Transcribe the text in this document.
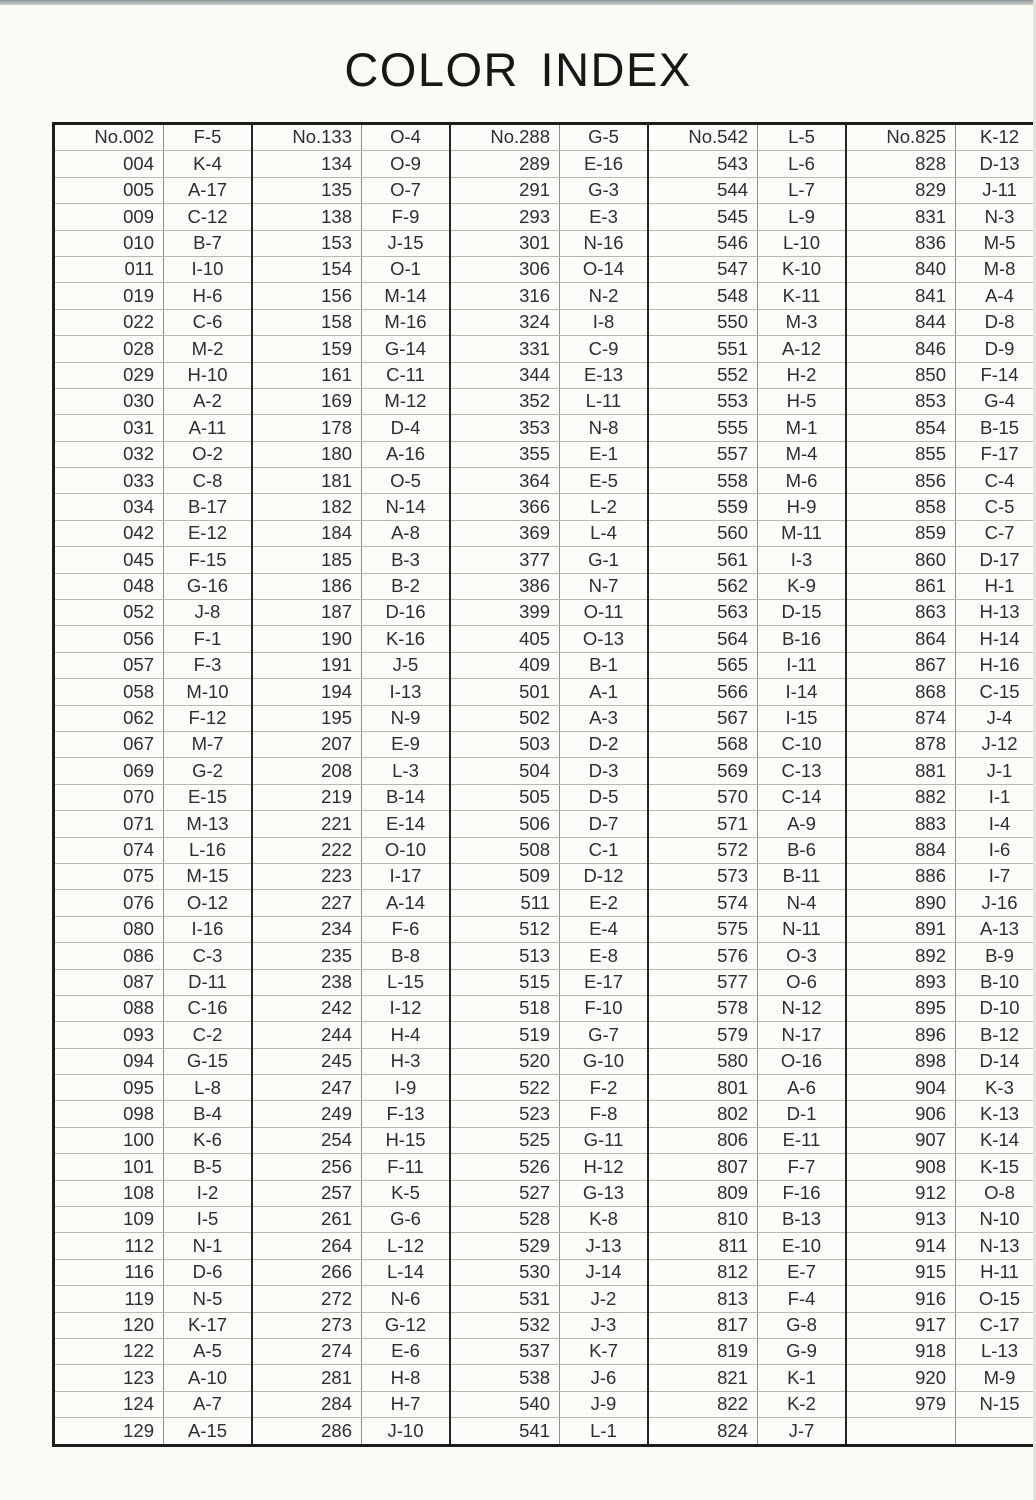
COLOR INDEX
No.002	F-5	No.133	O-4	No.288	G-5	No.542	L-5	No.825	K-12
004	K-4	134	O-9	289	E-16	543	L-6	828	D-13
005	A-17	135	O-7	291	G-3	544	L-7	829	J-11
009	C-12	138	F-9	293	E-3	545	L-9	831	N-3
010	B-7	153	J-15	301	N-16	546	L-10	836	M-5
011	I-10	154	O-1	306	O-14	547	K-10	840	M-8
019	H-6	156	M-14	316	N-2	548	K-11	841	A-4
022	C-6	158	M-16	324	I-8	550	M-3	844	D-8
028	M-2	159	G-14	331	C-9	551	A-12	846	D-9
029	H-10	161	C-11	344	E-13	552	H-2	850	F-14
030	A-2	169	M-12	352	L-11	553	H-5	853	G-4
031	A-11	178	D-4	353	N-8	555	M-1	854	B-15
032	O-2	180	A-16	355	E-1	557	M-4	855	F-17
033	C-8	181	O-5	364	E-5	558	M-6	856	C-4
034	B-17	182	N-14	366	L-2	559	H-9	858	C-5
042	E-12	184	A-8	369	L-4	560	M-11	859	C-7
045	F-15	185	B-3	377	G-1	561	I-3	860	D-17
048	G-16	186	B-2	386	N-7	562	K-9	861	H-1
052	J-8	187	D-16	399	O-11	563	D-15	863	H-13
056	F-1	190	K-16	405	O-13	564	B-16	864	H-14
057	F-3	191	J-5	409	B-1	565	I-11	867	H-16
058	M-10	194	I-13	501	A-1	566	I-14	868	C-15
062	F-12	195	N-9	502	A-3	567	I-15	874	J-4
067	M-7	207	E-9	503	D-2	568	C-10	878	J-12
069	G-2	208	L-3	504	D-3	569	C-13	881	J-1
070	E-15	219	B-14	505	D-5	570	C-14	882	I-1
071	M-13	221	E-14	506	D-7	571	A-9	883	I-4
074	L-16	222	O-10	508	C-1	572	B-6	884	I-6
075	M-15	223	I-17	509	D-12	573	B-11	886	I-7
076	O-12	227	A-14	511	E-2	574	N-4	890	J-16
080	I-16	234	F-6	512	E-4	575	N-11	891	A-13
086	C-3	235	B-8	513	E-8	576	O-3	892	B-9
087	D-11	238	L-15	515	E-17	577	O-6	893	B-10
088	C-16	242	I-12	518	F-10	578	N-12	895	D-10
093	C-2	244	H-4	519	G-7	579	N-17	896	B-12
094	G-15	245	H-3	520	G-10	580	O-16	898	D-14
095	L-8	247	I-9	522	F-2	801	A-6	904	K-3
098	B-4	249	F-13	523	F-8	802	D-1	906	K-13
100	K-6	254	H-15	525	G-11	806	E-11	907	K-14
101	B-5	256	F-11	526	H-12	807	F-7	908	K-15
108	I-2	257	K-5	527	G-13	809	F-16	912	O-8
109	I-5	261	G-6	528	K-8	810	B-13	913	N-10
112	N-1	264	L-12	529	J-13	811	E-10	914	N-13
116	D-6	266	L-14	530	J-14	812	E-7	915	H-11
119	N-5	272	N-6	531	J-2	813	F-4	916	O-15
120	K-17	273	G-12	532	J-3	817	G-8	917	C-17
122	A-5	274	E-6	537	K-7	819	G-9	918	L-13
123	A-10	281	H-8	538	J-6	821	K-1	920	M-9
124	A-7	284	H-7	540	J-9	822	K-2	979	N-15
129	A-15	286	J-10	541	L-1	824	J-7		
